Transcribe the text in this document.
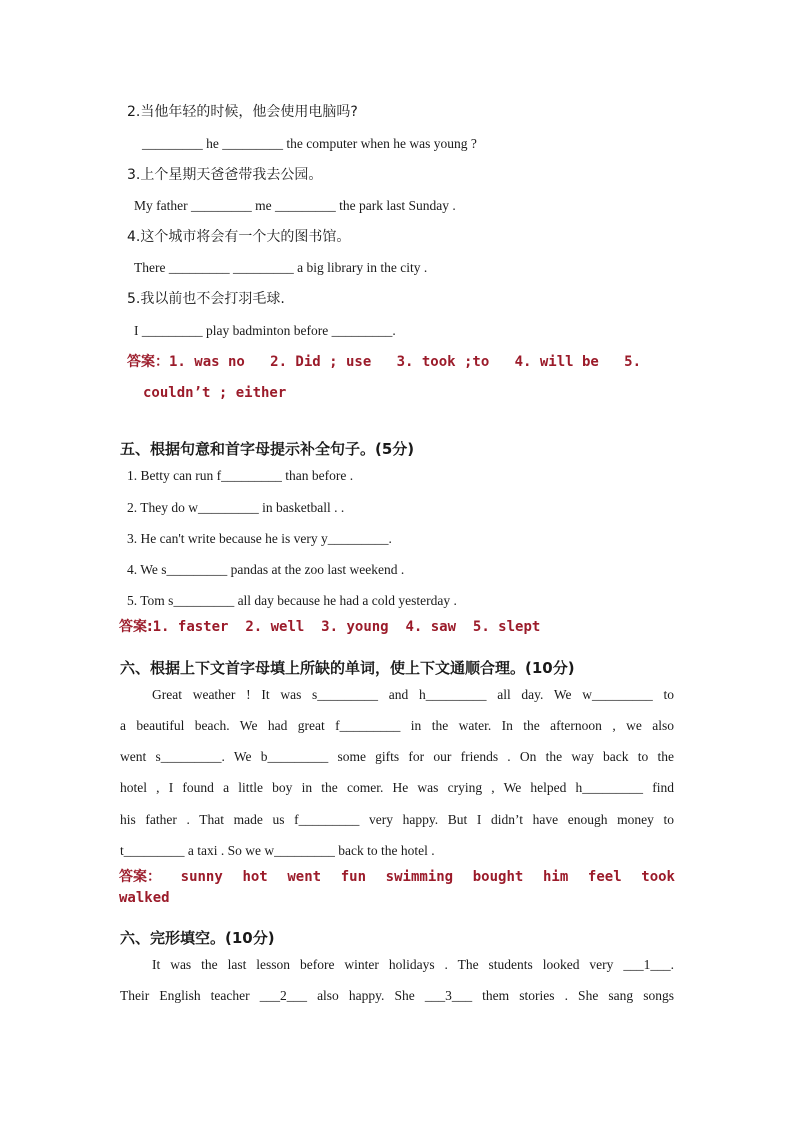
2.当他年轻的时候，他会使用电脑吗?
_________ he _________ the computer when he was young ?
3.上个星期天爸爸带我去公园。
My father _________ me _________ the park last Sunday .
4.这个城市将会有一个大的图书馆。
There _________ _________ a big library in the city .
5.我以前也不会打羽毛球.
I _________ play badminton before _________.
答案：1. was no   2. Did ; use   3. took ;to   4. will be   5.
couldn’t ; either
五、根据句意和首字母提示补全句子。(5分)
1. Betty can run f_________ than before .
2. They do w_________ in basketball . .
3. He can't write because he is very y_________.
4. We s_________ pandas at the zoo last weekend .
5. Tom s_________ all day because he had a cold yesterday .
答案:1. faster  2. well  3. young  4. saw  5. slept
六、根据上下文首字母填上所缺的单词，使上下文通顺合理。(10分)
Great weather ! It was s_________ and h_________ all day. We w_________ to
a beautiful beach. We had great f_________ in the water. In the afternoon , we also
went s_________. We b_________ some gifts for our friends . On the way back to the
hotel , I found a little boy in the comer. He was crying , We helped h_________ find
his father . That made us f_________ very happy. But I didn’t have enough money to
t_________ a taxi . So we w_________ back to the hotel .
答案： sunny hot went fun swimming bought him feel took
walked
六、完形填空。(10分)
It was the last lesson before winter holidays . The students looked very ___1___.
Their English teacher ___2___ also happy. She ___3___ them stories . She sang songs
